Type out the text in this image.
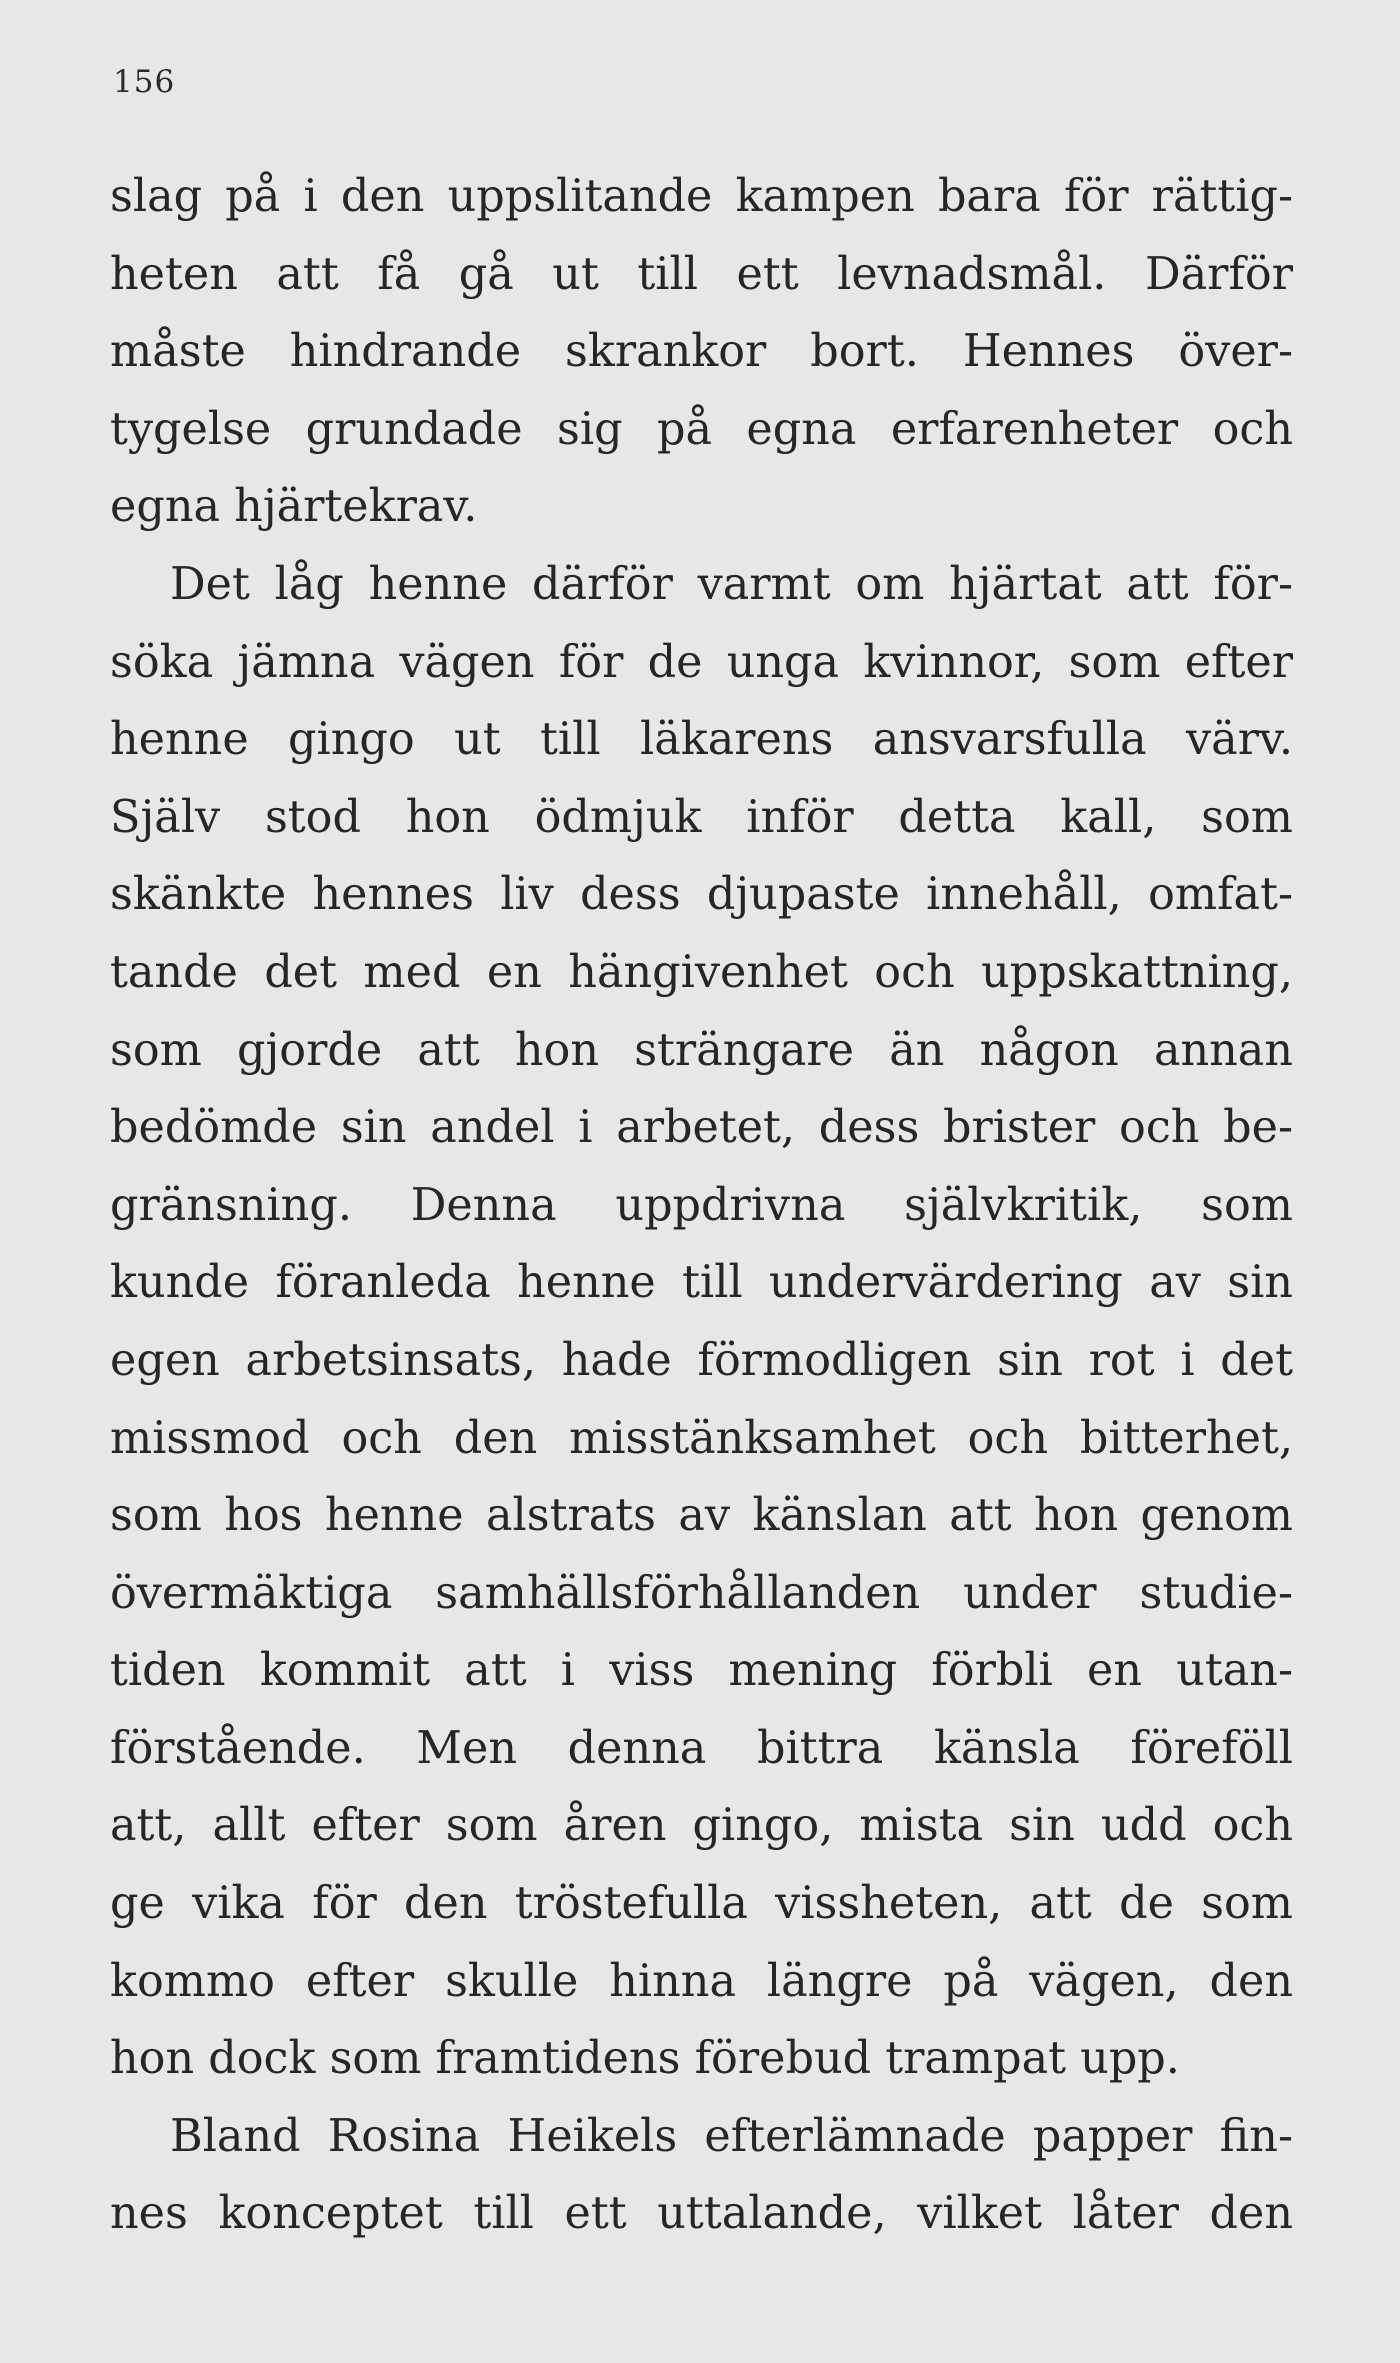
156
slag på i den uppslitande kampen bara för rättig-
heten att få gå ut till ett levnadsmål. Därför
måste hindrande skrankor bort. Hennes över-
tygelse grundade sig på egna erfarenheter och
egna hjärtekrav.
Det låg henne därför varmt om hjärtat att för-
söka jämna vägen för de unga kvinnor, som efter
henne gingo ut till läkarens ansvarsfulla värv.
Själv stod hon ödmjuk inför detta kall, som
skänkte hennes liv dess djupaste innehåll, omfat-
tande det med en hängivenhet och uppskattning,
som gjorde att hon strängare än någon annan
bedömde sin andel i arbetet, dess brister och be-
gränsning. Denna uppdrivna självkritik, som
kunde föranleda henne till undervärdering av sin
egen arbetsinsats, hade förmodligen sin rot i det
missmod och den misstänksamhet och bitterhet,
som hos henne alstrats av känslan att hon genom
övermäktiga samhällsförhållanden under studie-
tiden kommit att i viss mening förbli en utan-
förstående. Men denna bittra känsla föreföll
att, allt efter som åren gingo, mista sin udd och
ge vika för den tröstefulla vissheten, att de som
kommo efter skulle hinna längre på vägen, den
hon dock som framtidens förebud trampat upp.
Bland Rosina Heikels efterlämnade papper fin-
nes konceptet till ett uttalande, vilket låter den
